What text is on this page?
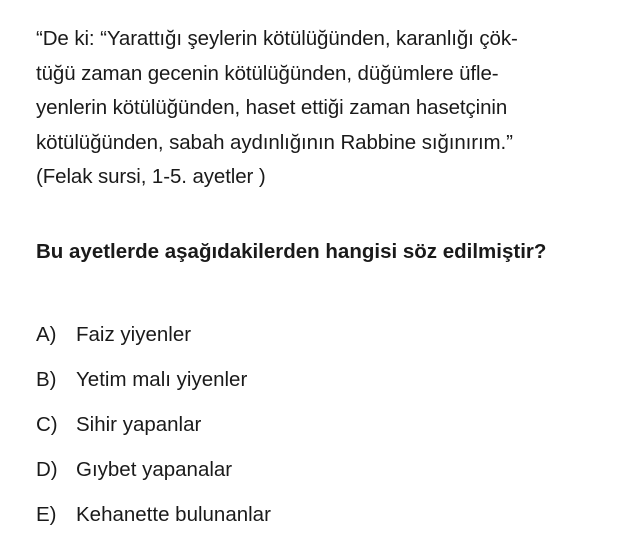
“De ki: “Yarattığı şeylerin kötülüğünden, karanlığı çök-

tüğü zaman gecenin kötülüğünden, düğümlere üfle-

yenlerin kötülüğünden, haset ettiği zaman hasetçinin

kötülüğünden, sabah aydınlığının Rabbine sığınırım.”

(Felak sursi, 1-5. ayetler )

Bu ayetlerde aşağıdakilerden hangisi söz edilmiştir?

A) Faiz yiyenler
B) Yetim malı yiyenler
C) Sihir yapanlar
D) Gıybet yapanalar
E) Kehanette bulunanlar
